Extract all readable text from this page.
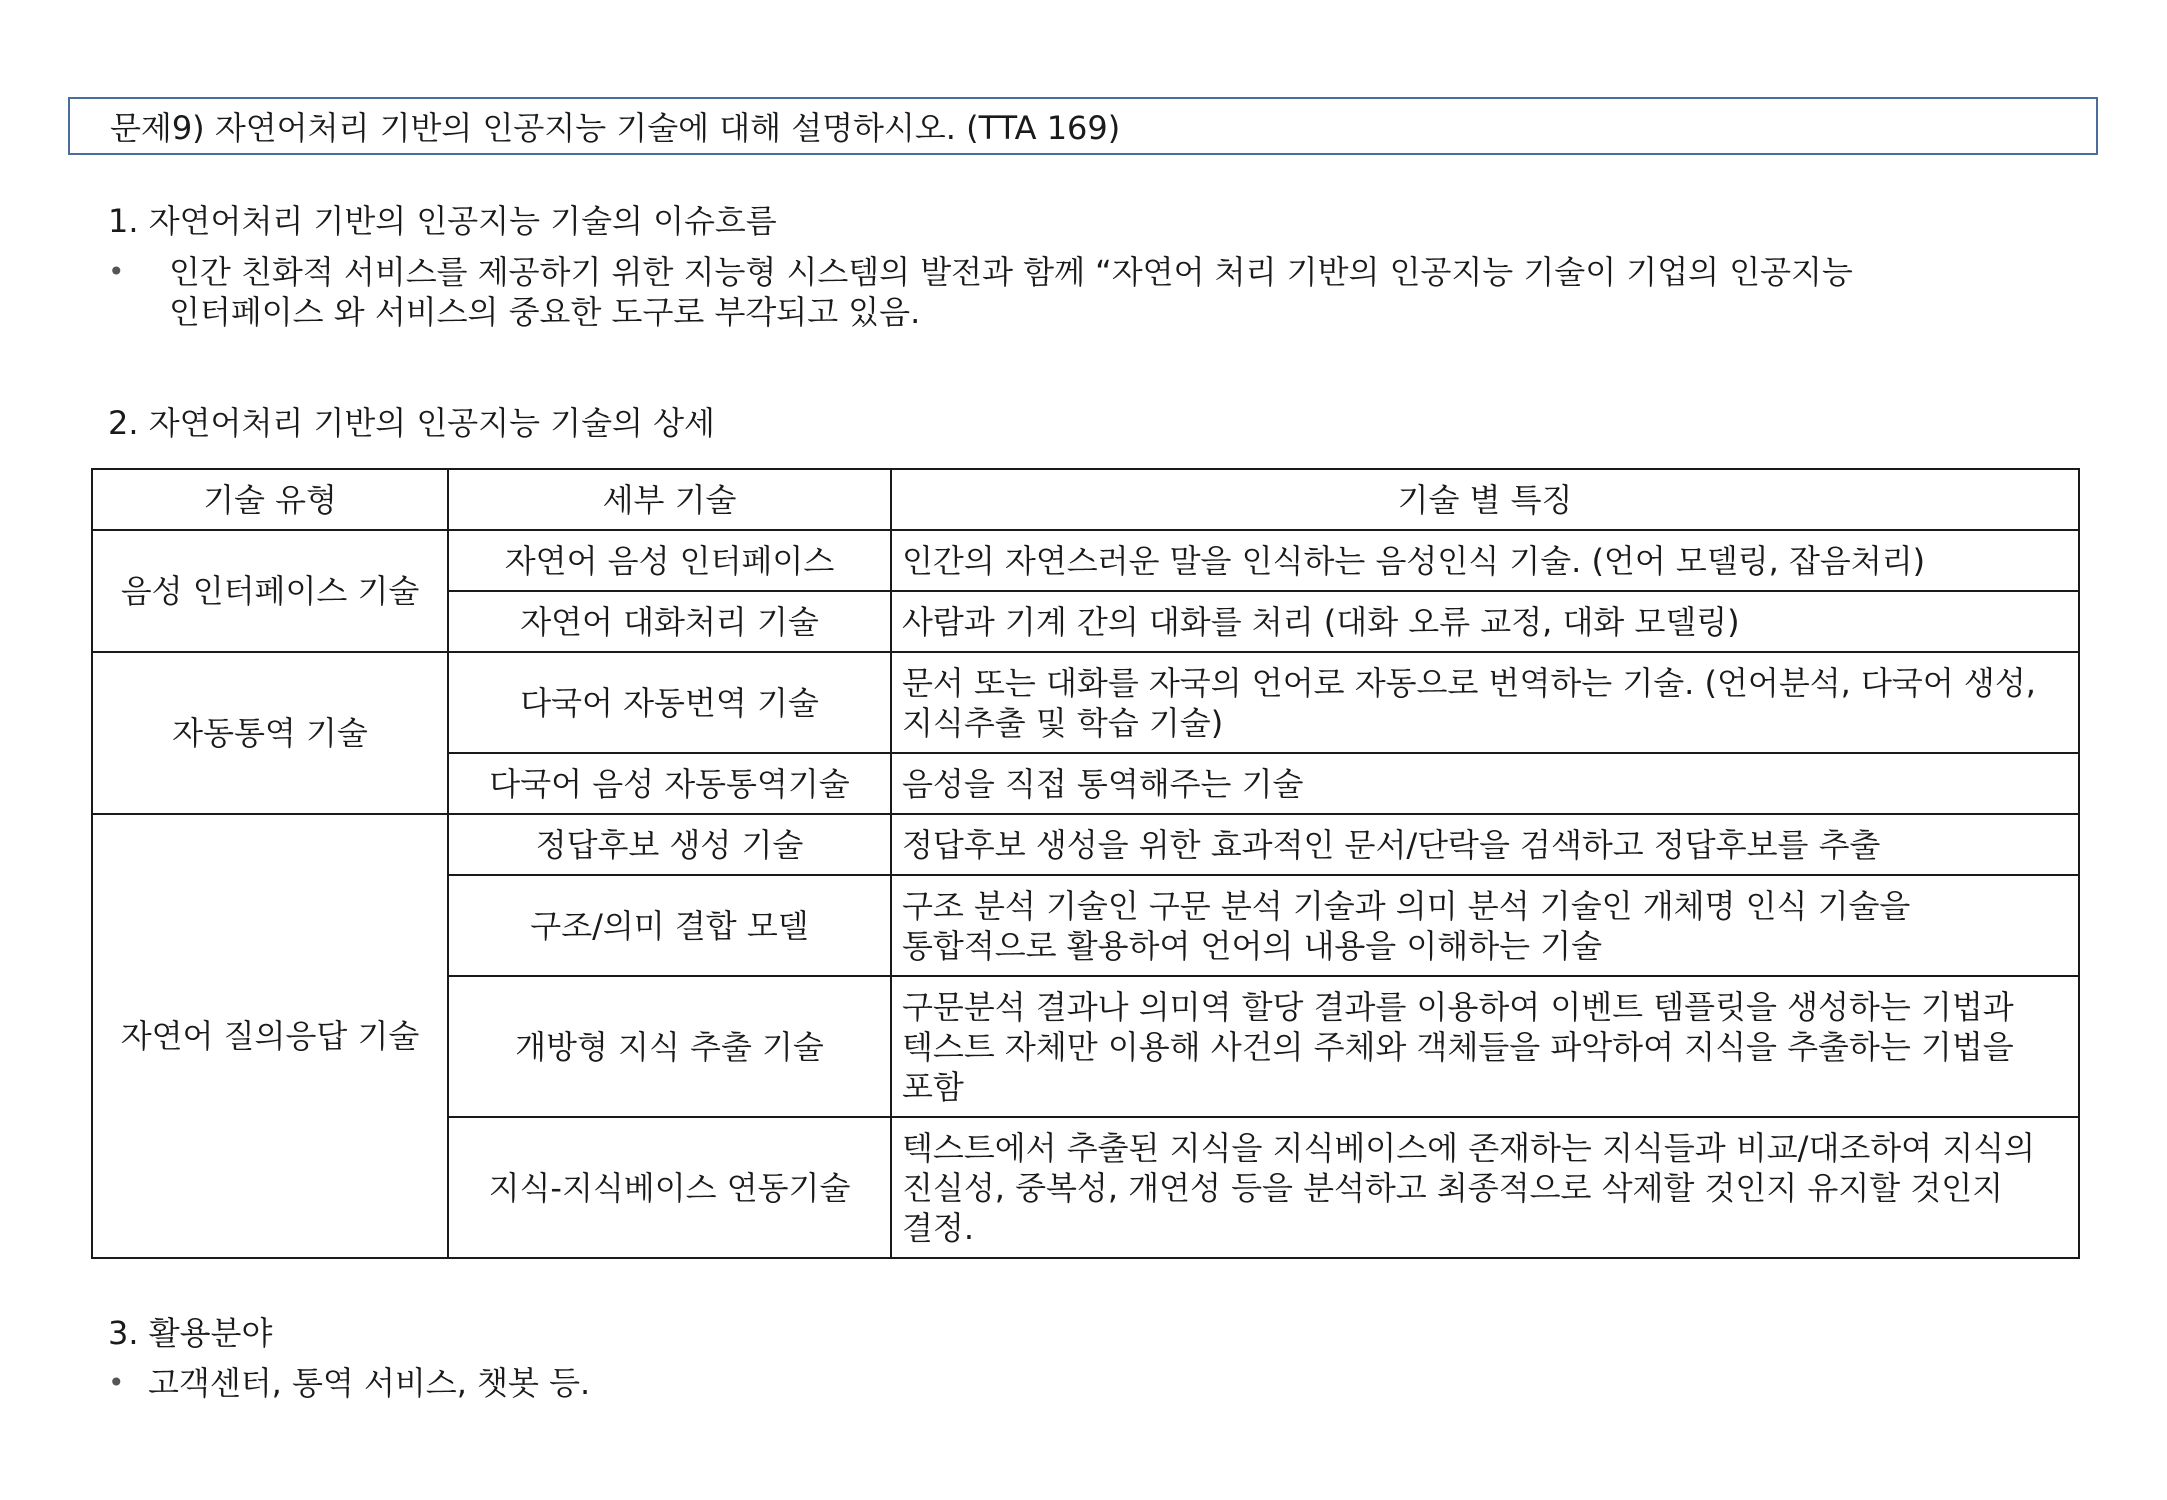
문제9) 자연어처리 기반의 인공지능 기술에 대해 설명하시오. (TTA 169)
1. 자연어처리 기반의 인공지능 기술의 이슈흐름
• 인간 친화적 서비스를 제공하기 위한 지능형 시스템의 발전과 함께 “자연어 처리 기반의 인공지능 기술이 기업의 인공지능
인터페이스 와 서비스의 중요한 도구로 부각되고 있음.
2. 자연어처리 기반의 인공지능 기술의 상세
기술 유형	세부 기술	기술 별 특징
음성 인터페이스 기술	자연어 음성 인터페이스	인간의 자연스러운 말을 인식하는 음성인식 기술. (언어 모델링, 잡음처리)
	자연어 대화처리 기술	사람과 기계 간의 대화를 처리 (대화 오류 교정, 대화 모델링)
자동통역 기술	다국어 자동번역 기술	문서 또는 대화를 자국의 언어로 자동으로 번역하는 기술. (언어분석, 다국어 생성, 지식추출 및 학습 기술)
	다국어 음성 자동통역기술	음성을 직접 통역해주는 기술
자연어 질의응답 기술	정답후보 생성 기술	정답후보 생성을 위한 효과적인 문서/단락을 검색하고 정답후보를 추출
	구조/의미 결합 모델	구조 분석 기술인 구문 분석 기술과 의미 분석 기술인 개체명 인식 기술을 통합적으로 활용하여 언어의 내용을 이해하는 기술
	개방형 지식 추출 기술	구문분석 결과나 의미역 할당 결과를 이용하여 이벤트 템플릿을 생성하는 기법과 텍스트 자체만 이용해 사건의 주체와 객체들을 파악하여 지식을 추출하는 기법을 포함
	지식-지식베이스 연동기술	텍스트에서 추출된 지식을 지식베이스에 존재하는 지식들과 비교/대조하여 지식의 진실성, 중복성, 개연성 등을 분석하고 최종적으로 삭제할 것인지 유지할 것인지 결정.
3. 활용분야
• 고객센터, 통역 서비스, 챗봇 등.
